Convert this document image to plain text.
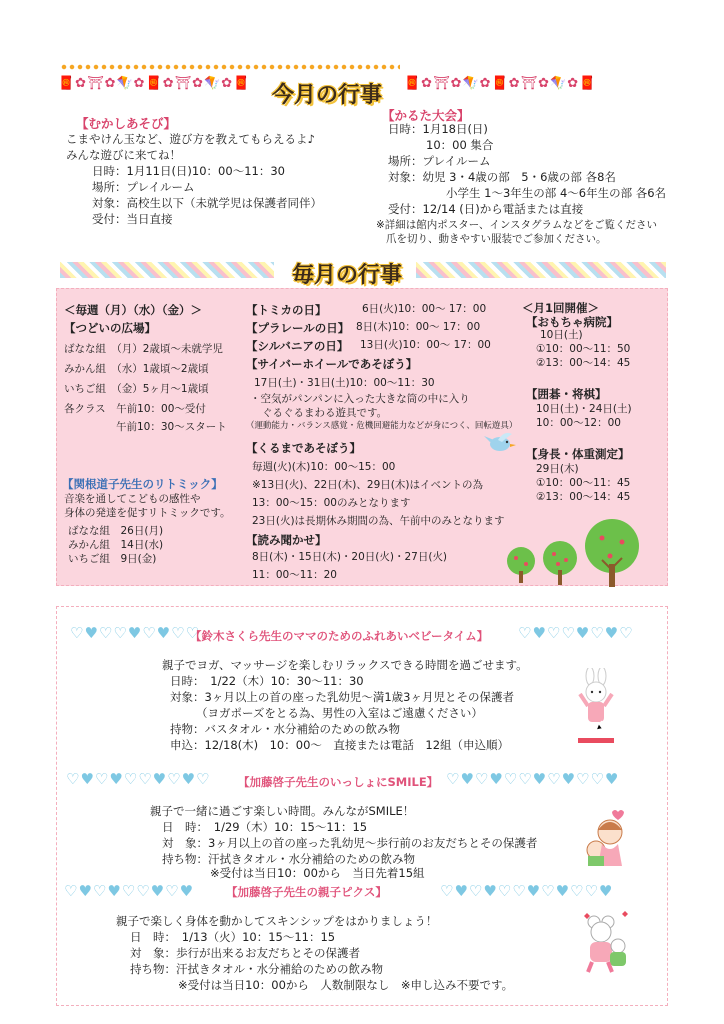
🧧✿⛩✿🪁✿🧧✿⛩✿🪁✿🧧 今月の行事 🧧✿⛩✿🪁✿🧧✿⛩✿🪁✿🧧
【むかしあそび】
こまやけん玉など、遊び方を教えてもらえるよ♪
みんな遊びに来てね！
日時：1月11日(日)10：00～11：30
場所：プレイルーム
対象：高校生以下（未就学児は保護者同伴）
受付：当日直接
【かるた大会】
日時：1月18日(日)
10：00 集合
場所：プレイルーム
対象：幼児 3・4歳の部　5・6歳の部 各8名
小学生 1～3年生の部 4～6年生の部 各6名
受付：12/14 (日)から電話または直接
※詳細は館内ポスター、インスタグラムなどをご覧ください
爪を切り、動きやすい服装でご参加ください。
毎月の行事
＜毎週（月）（水）（金）＞
【つどいの広場】
ばなな組　（月）2歳頃～未就学児
みかん組　（水）1歳頃～2歳頃
いちご組　（金）5ヶ月～1歳頃
各クラス　午前10：00～受付
午前10：30～スタート
【関根道子先生のリトミック】
音楽を通してこどもの感性や
身体の発達を促すリトミックです。
ばなな組　26日(月)
みかん組　14日(水)
いちご組　9日(金)
【トミカの日】	6日(火)10：00～ 17：00
【プラレールの日】 8日(木)10：00～ 17：00
【シルバニアの日】 13日(火)10：00～ 17：00
【サイバーホイールであそぼう】
17日(土)・31日(土)10：00～11：30
・空気がパンパンに入った大きな筒の中に入り
ぐるぐるまわる遊具です。
（運動能力・バランス感覚・危機回避能力などが身につく、回転遊具）
【くるまであそぼう】
毎週(火)(木)10：00～15：00
※13日(火)、22日(木)、29日(木)はイベントの為
13：00～15：00のみとなります
23日(火)は長期休み期間の為、午前中のみとなります
【読み聞かせ】
8日(木)・15日(木)・20日(火)・27日(火)
11：00～11：20
＜月1回開催＞
【おもちゃ病院】
10日(土)
①10：00～11：50
②13：00～14：45
【囲碁・将棋】
10日(土)・24日(土)
10：00～12：00
【身長・体重測定】
29日(木)
①10：00～11：45
②13：00～14：45
♡♥♡♡♥♡♥♡♡
【鈴木さくら先生のママのためのふれあいベビータイム】 ♡♥♡♡♥♡♥♡
親子でヨガ、マッサージを楽しむリラックスできる時間を過ごせます。
日時：　1/22（木）10：30～11：30
対象：3ヶ月以上の首の座った乳幼児～満1歳3ヶ月児とその保護者
（ヨガポーズをとる為、男性の入室はご遠慮ください）
持物：バスタオル・水分補給のための飲み物
申込：12/18(木)　10：00～　直接または電話　12組（申込順）
♡♥♡♥♡♡♥♡♥♡ 【加藤啓子先生のいっしょにSMILE】 ♡♥♡♥♡♡♥♡♥♡♡♥
親子で一緒に過ごす楽しい時間。みんながSMILE！
日　時：　1/29（木）10：15～11：15
対　象：3ヶ月以上の首の座った乳幼児～歩行前のお友だちとその保護者
持ち物：汗拭きタオル・水分補給のための飲み物
※受付は当日10：00から　当日先着15組
♡♥♡♥♡♡♥♡♥	【加藤啓子先生の親子ピクス】	♡♥♡♥♡♡♥♡♥♡♡♥
親子で楽しく身体を動かしてスキンシップをはかりましょう！
日　時：　1/13（火）10：15～11：15
対　象：歩行が出来るお友だちとその保護者
持ち物：汗拭きタオル・水分補給のための飲み物
※受付は当日10：00から　人数制限なし　※申し込み不要です。
